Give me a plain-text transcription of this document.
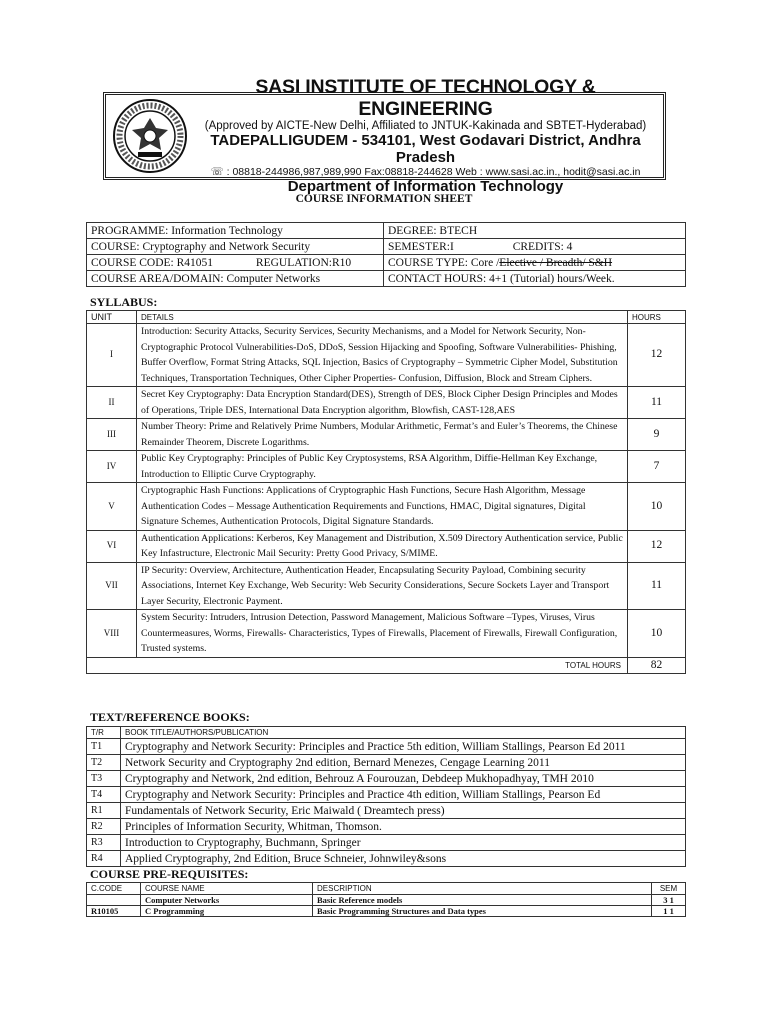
SASI INSTITUTE OF TECHNOLOGY & ENGINEERING
(Approved by AICTE-New Delhi, Affiliated to JNTUK-Kakinada and SBTET-Hyderabad)
TADEPALLIGUDEM - 534101, West Godavari District, Andhra Pradesh
☏ : 08818-244986,987,989,990 Fax:08818-244628 Web : www.sasi.ac.in., hodit@sasi.ac.in
Department of Information Technology
COURSE INFORMATION SHEET
PROGRAMME: Information Technology	DEGREE: BTECH
COURSE: Cryptography and Network Security	SEMESTER:I CREDITS: 4
COURSE CODE: R41051 REGULATION:R10	COURSE TYPE: Core /Elective / Breadth/ S&H
COURSE AREA/DOMAIN: Computer Networks	CONTACT HOURS: 4+1 (Tutorial) hours/Week.
SYLLABUS:
UNIT	DETAILS	HOURS
I	Introduction: Security Attacks, Security Services, Security Mechanisms, and a Model for Network Security, Non-Cryptographic Protocol Vulnerabilities-DoS, DDoS, Session Hijacking and Spoofing, Software Vulnerabilities- Phishing, Buffer Overflow, Format String Attacks, SQL Injection, Basics of Cryptography – Symmetric Cipher Model, Substitution Techniques, Transportation Techniques, Other Cipher Properties- Confusion, Diffusion, Block and Stream Ciphers.	12
II	Secret Key Cryptography: Data Encryption Standard(DES), Strength of DES, Block Cipher Design Principles and Modes of Operations, Triple DES, International Data Encryption algorithm, Blowfish, CAST-128,AES	11
III	Number Theory: Prime and Relatively Prime Numbers, Modular Arithmetic, Fermat’s and Euler’s Theorems, the Chinese Remainder Theorem, Discrete Logarithms.	9
IV	Public Key Cryptography: Principles of Public Key Cryptosystems, RSA Algorithm, Diffie-Hellman Key Exchange, Introduction to Elliptic Curve Cryptography.	7
V	Cryptographic Hash Functions: Applications of Cryptographic Hash Functions, Secure Hash Algorithm, Message Authentication Codes – Message Authentication Requirements and Functions, HMAC, Digital signatures, Digital Signature Schemes, Authentication Protocols, Digital Signature Standards.	10
VI	Authentication Applications: Kerberos, Key Management and Distribution, X.509 Directory Authentication service, Public Key Infastructure, Electronic Mail Security: Pretty Good Privacy, S/MIME.	12
VII	IP Security: Overview, Architecture, Authentication Header, Encapsulating Security Payload, Combining security Associations, Internet Key Exchange, Web Security: Web Security Considerations, Secure Sockets Layer and Transport Layer Security, Electronic Payment.	11
VIII	System Security: Intruders, Intrusion Detection, Password Management, Malicious Software –Types, Viruses, Virus Countermeasures, Worms, Firewalls- Characteristics, Types of Firewalls, Placement of Firewalls, Firewall Configuration, Trusted systems.	10
TOTAL HOURS		82
TEXT/REFERENCE BOOKS:
T/R	BOOK TITLE/AUTHORS/PUBLICATION
T1	Cryptography and Network Security: Principles and Practice 5th edition, William Stallings, Pearson Ed 2011
T2	Network Security and Cryptography 2nd edition, Bernard Menezes, Cengage Learning 2011
T3	Cryptography and Network, 2nd edition, Behrouz A Fourouzan, Debdeep Mukhopadhyay, TMH 2010
T4	Cryptography and Network Security: Principles and Practice 4th edition, William Stallings, Pearson Ed
R1	Fundamentals of Network Security, Eric Maiwald ( Dreamtech press)
R2	Principles of Information Security, Whitman, Thomson.
R3	Introduction to Cryptography, Buchmann, Springer
R4	Applied Cryptography, 2nd Edition, Bruce Schneier, Johnwiley&sons
COURSE PRE-REQUISITES:
C.CODE	COURSE NAME	DESCRIPTION	SEM
	Computer Networks	Basic Reference models	3 1
R10105	C Programming	Basic Programming Structures and Data types	1 1
